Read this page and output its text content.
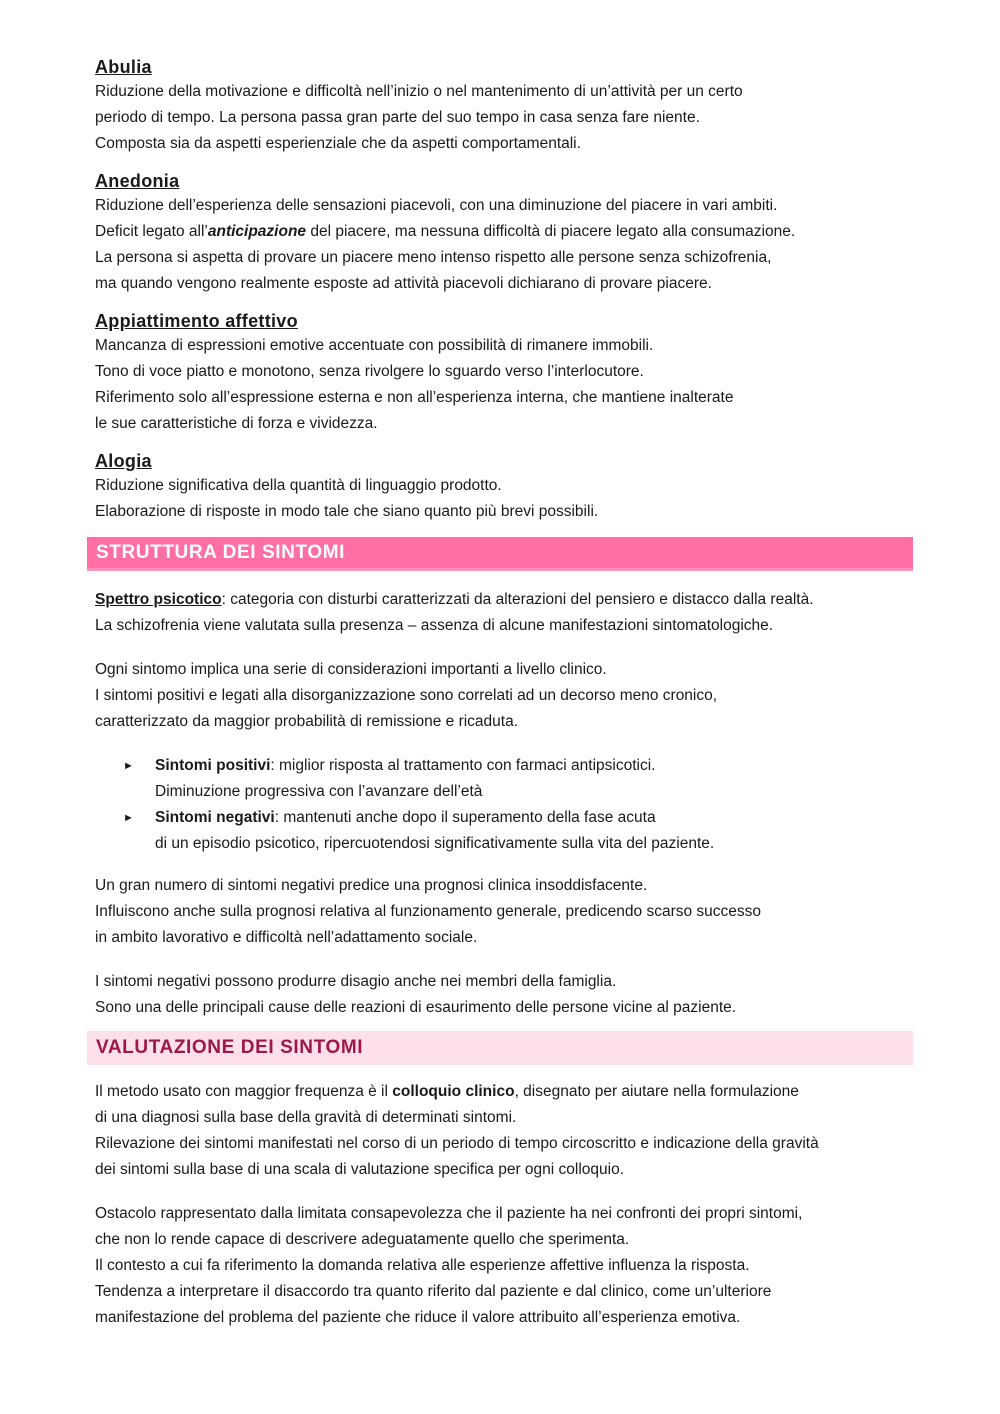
Abulia

Riduzione della motivazione e difficoltà nell’inizio o nel mantenimento di un’attività per un certo

periodo di tempo. La persona passa gran parte del suo tempo in casa senza fare niente.

Composta sia da aspetti esperienziale che da aspetti comportamentali.

Anedonia

Riduzione dell’esperienza delle sensazioni piacevoli, con una diminuzione del piacere in vari ambiti.

Deficit legato all’anticipazione del piacere, ma nessuna difficoltà di piacere legato alla consumazione.

La persona si aspetta di provare un piacere meno intenso rispetto alle persone senza schizofrenia,

ma quando vengono realmente esposte ad attività piacevoli dichiarano di provare piacere.

Appiattimento affettivo

Mancanza di espressioni emotive accentuate con possibilità di rimanere immobili.

Tono di voce piatto e monotono, senza rivolgere lo sguardo verso l’interlocutore.

Riferimento solo all’espressione esterna e non all’esperienza interna, che mantiene inalterate

le sue caratteristiche di forza e vividezza.

Alogia

Riduzione significativa della quantità di linguaggio prodotto.

Elaborazione di risposte in modo tale che siano quanto più brevi possibili.

STRUTTURA DEI SINTOMI

Spettro psicotico: categoria con disturbi caratterizzati da alterazioni del pensiero e distacco dalla realtà.

La schizofrenia viene valutata sulla presenza – assenza di alcune manifestazioni sintomatologiche.

Ogni sintomo implica una serie di considerazioni importanti a livello clinico.

I sintomi positivi e legati alla disorganizzazione sono correlati ad un decorso meno cronico,

caratterizzato da maggior probabilità di remissione e ricaduta.

► Sintomi positivi: miglior risposta al trattamento con farmaci antipsicotici.

Diminuzione progressiva con l’avanzare dell’età

► Sintomi negativi: mantenuti anche dopo il superamento della fase acuta

di un episodio psicotico, ripercuotendosi significativamente sulla vita del paziente.

Un gran numero di sintomi negativi predice una prognosi clinica insoddisfacente.

Influiscono anche sulla prognosi relativa al funzionamento generale, predicendo scarso successo

in ambito lavorativo e difficoltà nell’adattamento sociale.

I sintomi negativi possono produrre disagio anche nei membri della famiglia.

Sono una delle principali cause delle reazioni di esaurimento delle persone vicine al paziente.

VALUTAZIONE DEI SINTOMI

Il metodo usato con maggior frequenza è il colloquio clinico, disegnato per aiutare nella formulazione

di una diagnosi sulla base della gravità di determinati sintomi.

Rilevazione dei sintomi manifestati nel corso di un periodo di tempo circoscritto e indicazione della gravità

dei sintomi sulla base di una scala di valutazione specifica per ogni colloquio.

Ostacolo rappresentato dalla limitata consapevolezza che il paziente ha nei confronti dei propri sintomi,

che non lo rende capace di descrivere adeguatamente quello che sperimenta.

Il contesto a cui fa riferimento la domanda relativa alle esperienze affettive influenza la risposta.

Tendenza a interpretare il disaccordo tra quanto riferito dal paziente e dal clinico, come un’ulteriore

manifestazione del problema del paziente che riduce il valore attribuito all’esperienza emotiva.
